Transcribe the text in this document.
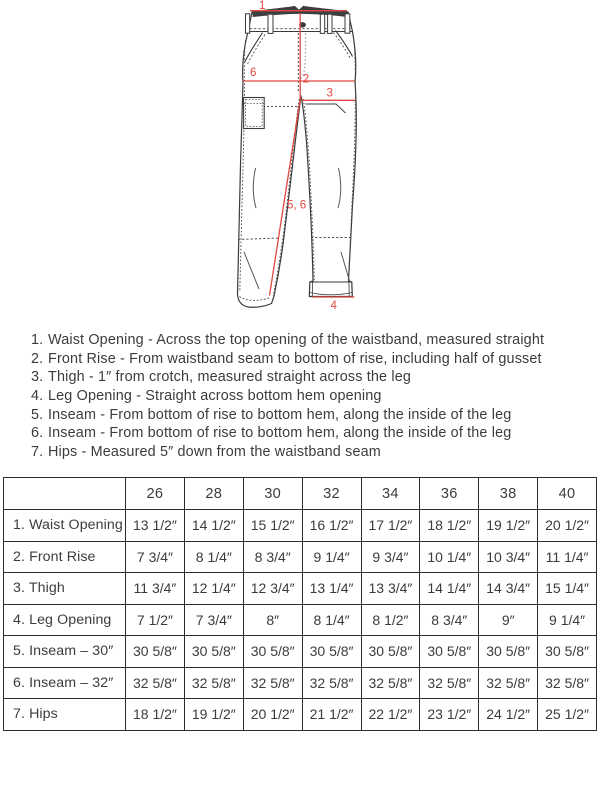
1
2
6
3
5, 6
4
1. Waist Opening - Across the top opening of the waistband, measured straight
2. Front Rise - From waistband seam to bottom of rise, including half of gusset
3. Thigh - 1″ from crotch, measured straight across the leg
4. Leg Opening - Straight across bottom hem opening
5. Inseam - From bottom of rise to bottom hem, along the inside of the leg
6. Inseam - From bottom of rise to bottom hem, along the inside of the leg
7. Hips - Measured 5″ down from the waistband seam
	26	28	30	32	34	36	38	40
1. Waist Opening	13 1/2″	14 1/2″	15 1/2″	16 1/2″	17 1/2″	18 1/2″	19 1/2″	20 1/2″
2. Front Rise	7 3/4″	8 1/4″	8 3/4″	9 1/4″	9 3/4″	10 1/4″	10 3/4″	11 1/4″
3. Thigh	11 3/4″	12 1/4″	12 3/4″	13 1/4″	13 3/4″	14 1/4″	14 3/4″	15 1/4″
4. Leg Opening	7 1/2″	7 3/4″	8″	8 1/4″	8 1/2″	8 3/4″	9″	9 1/4″
5. Inseam – 30″	30 5/8″	30 5/8″	30 5/8″	30 5/8″	30 5/8″	30 5/8″	30 5/8″	30 5/8″
6. Inseam – 32″	32 5/8″	32 5/8″	32 5/8″	32 5/8″	32 5/8″	32 5/8″	32 5/8″	32 5/8″
7. Hips	18 1/2″	19 1/2″	20 1/2″	21 1/2″	22 1/2″	23 1/2″	24 1/2″	25 1/2″
